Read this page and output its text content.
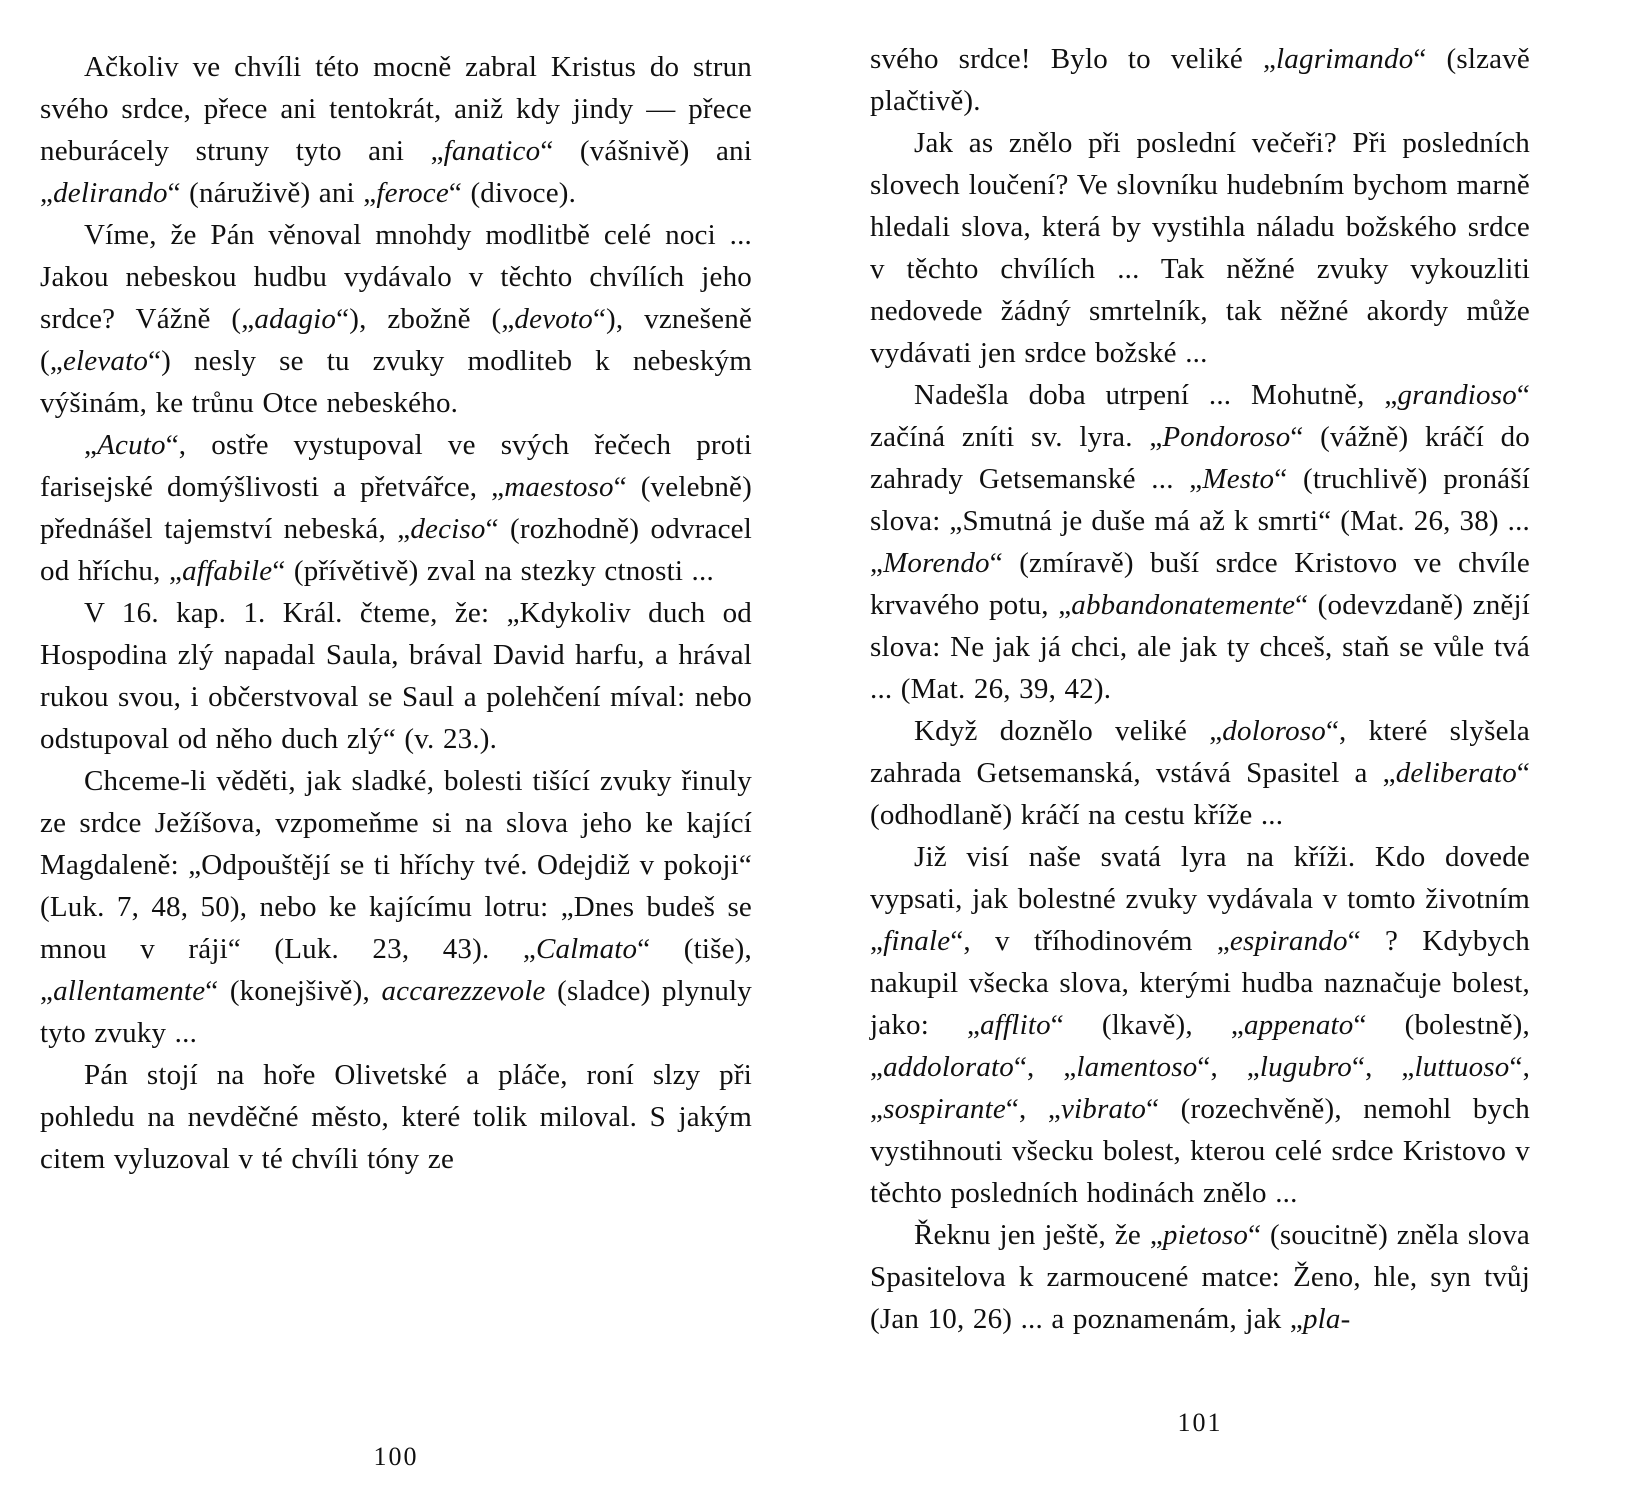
Ačkoliv ve chvíli této mocně zabral Kristus do strun svého srdce, přece ani tentokrát, aniž kdy jindy — přece neburácely struny tyto ani „fanatico“ (vášnivě) ani „delirando“ (náruživě) ani „feroce“ (divoce).

Víme, že Pán věnoval mnohdy modlitbě celé noci ... Jakou nebeskou hudbu vydávalo v těchto chvílích jeho srdce? Vážně („adagio“), zbožně („devoto“), vznešeně („elevato“) nesly se tu zvuky modliteb k nebeským výšinám, ke trůnu Otce nebeského.

„Acuto“, ostře vystupoval ve svých řečech proti farisejské domýšlivosti a přetvářce, „maestoso“ (velebně) přednášel tajemství nebeská, „deciso“ (rozhodně) odvracel od hříchu, „affabile“ (přívětivě) zval na stezky ctnosti ...

V 16. kap. 1. Král. čteme, že: „Kdykoliv duch od Hospodina zlý napadal Saula, brával David harfu, a hrával rukou svou, i občerstvoval se Saul a polehčení míval: nebo odstupoval od něho duch zlý“ (v. 23.).

Chceme-li věděti, jak sladké, bolesti tišící zvuky řinuly ze srdce Ježíšova, vzpomeňme si na slova jeho ke kající Magdaleně: „Odpouštějí se ti hříchy tvé. Odejdiž v pokoji“ (Luk. 7, 48, 50), nebo ke kajícímu lotru: „Dnes budeš se mnou v ráji“ (Luk. 23, 43). „Calmato“ (tiše), „allentamente“ (konejšivě), accarezzevole (sladce) plynuly tyto zvuky ...

Pán stojí na hoře Olivetské a pláče, roní slzy při pohledu na nevděčné město, které tolik miloval. S jakým citem vyluzoval v té chvíli tóny ze

100

svého srdce! Bylo to veliké „lagrimando“ (slzavě plačtivě).

Jak as znělo při poslední večeři? Při posledních slovech loučení? Ve slovníku hudebním bychom marně hledali slova, která by vystihla náladu božského srdce v těchto chvílích ... Tak něžné zvuky vykouzliti nedovede žádný smrtelník, tak něžné akordy může vydávati jen srdce božské ...

Nadešla doba utrpení ... Mohutně, „grandioso“ začíná zníti sv. lyra. „Pondoroso“ (vážně) kráčí do zahrady Getsemanské ... „Mesto“ (truchlivě) pronáší slova: „Smutná je duše má až k smrti“ (Mat. 26, 38) ... „Morendo“ (zmíravě) buší srdce Kristovo ve chvíle krvavého potu, „abbandonatemente“ (odevzdaně) znějí slova: Ne jak já chci, ale jak ty chceš, staň se vůle tvá ... (Mat. 26, 39, 42).

Když doznělo veliké „doloroso“, které slyšela zahrada Getsemanská, vstává Spasitel a „deliberato“ (odhodlaně) kráčí na cestu kříže ...

Již visí naše svatá lyra na kříži. Kdo dovede vypsati, jak bolestné zvuky vydávala v tomto životním „finale“, v tříhodinovém „espirando“ ? Kdybych nakupil všecka slova, kterými hudba naznačuje bolest, jako: „afflito“ (lkavě), „appenato“ (bolestně), „addolorato“, „lamentoso“, „lugubro“, „luttuoso“, „sospirante“, „vibrato“ (rozechvěně), nemohl bych vystihnouti všecku bolest, kterou celé srdce Kristovo v těchto posledních hodinách znělo ...

Řeknu jen ještě, že „pietoso“ (soucitně) zněla slova Spasitelova k zarmoucené matce: Ženo, hle, syn tvůj (Jan 10, 26) ... a poznamenám, jak „pla-

101
